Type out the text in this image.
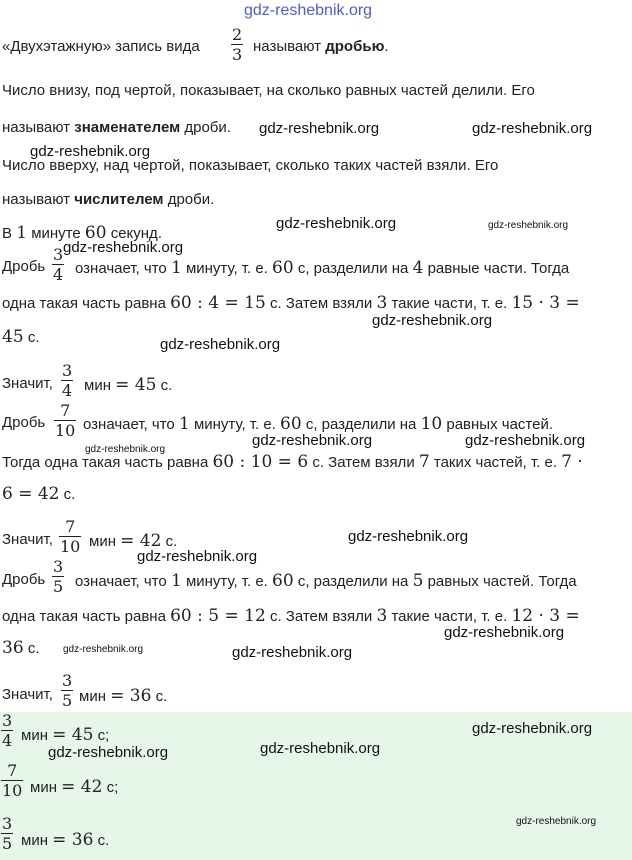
«Двухэтажную» запись вида
2
3 называют дробью.
Число внизу, под чертой, показывает, на сколько равных частей делили. Его
называют знаменателем дроби.
Число вверху, над чертой, показывает, сколько таких частей взяли. Его
называют числителем дроби.
В 1 минуте 60 секунд.
3
4
Дробь означает, что 1 минуту, т. е. 60 с, разделили на 4 равные части. Тогда
одна такая часть равна 60 : 4 = 15 с. Затем взяли 3 такие части, т. е. 15 · 3 =
45 с.
Значит,
3
4 мин = 45 с.
7
10
Дробь	означает, что 1 минуту, т. е. 60 с, разделили на 10 равных частей.
Тогда одна такая часть равна 60 : 10 = 6 с. Затем взяли 7 таких частей, т. е. 7 ·
6 = 42 с.
Значит,
7
10 мин = 42 с.
3
5
Дробь означает, что 1 минуту, т. е. 60 с, разделили на 5 равных частей. Тогда
одна такая часть равна 60 : 5 = 12 с. Затем взяли 3 такие части, т. е. 12 · 3 =
36 с.
Значит,
3
5 мин = 36 с.
3
4 мин = 45 с;
7
10 мин = 42 с;
3
5 мин = 36 с.
gdz-reshebnik.org
gdz-reshebnik.org	gdz-reshebnik.org
gdz-reshebnik.org
gdz-reshebnik.org	gdz-reshebnik.org
gdz-reshebnik.org
gdz-reshebnik.org
gdz-reshebnik.org
gdz-reshebnik.org	gdz-reshebnik.org
gdz-reshebnik.org
gdz-reshebnik.org
gdz-reshebnik.org
gdz-reshebnik.org
gdz-reshebnik.org	gdz-reshebnik.org
gdz-reshebnik.org
gdz-reshebnik.org
gdz-reshebnik.org
gdz-reshebnik.org
